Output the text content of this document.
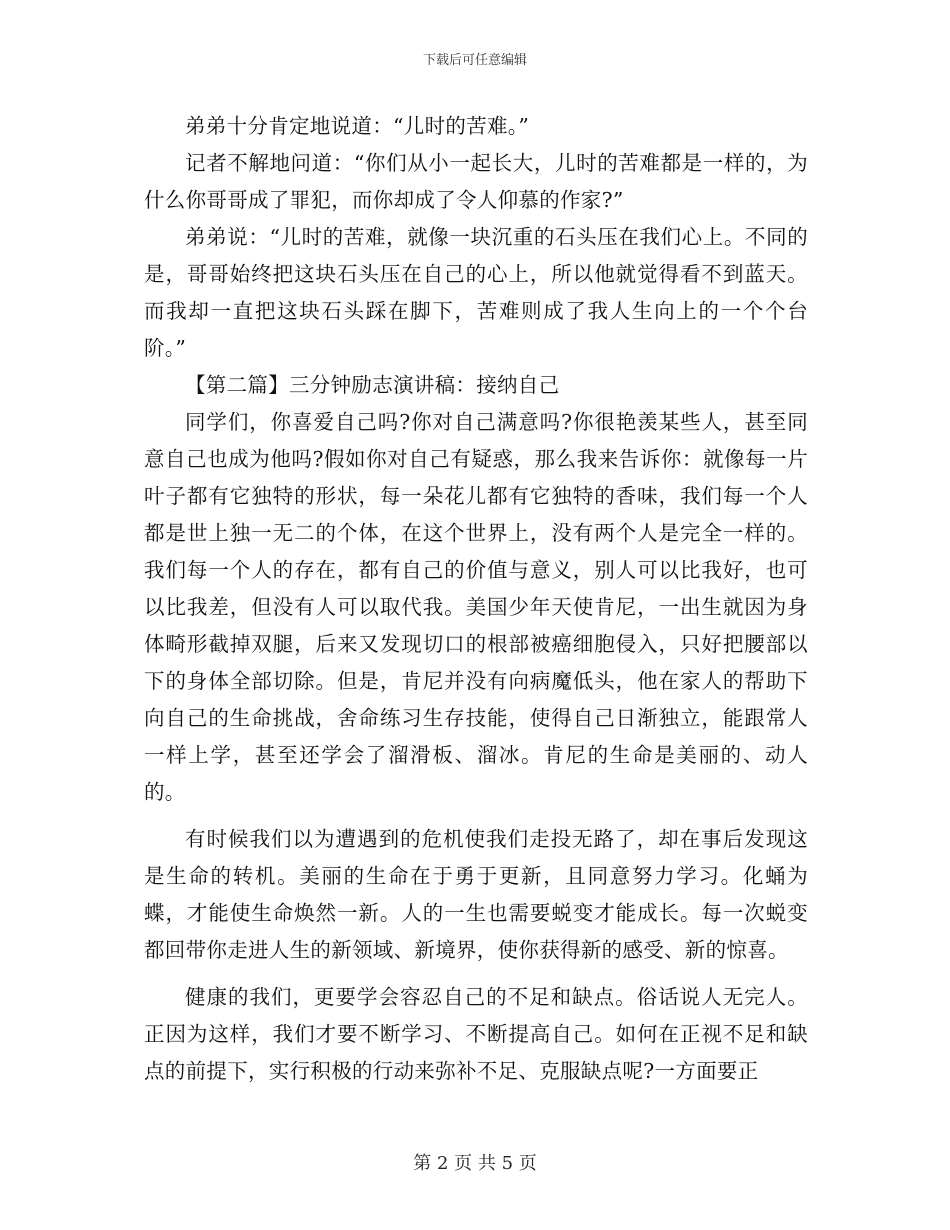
下载后可任意编辑

弟弟十分肯定地说道：“儿时的苦难。”

记者不解地问道：“你们从小一起长大，儿时的苦难都是一样的，为什么你哥哥成了罪犯，而你却成了令人仰慕的作家?”

弟弟说：“儿时的苦难，就像一块沉重的石头压在我们心上。不同的是，哥哥始终把这块石头压在自己的心上，所以他就觉得看不到蓝天。而我却一直把这块石头踩在脚下，苦难则成了我人生向上的一个个台阶。”

【第二篇】三分钟励志演讲稿：接纳自己

同学们，你喜爱自己吗?你对自己满意吗?你很艳羡某些人，甚至同意自己也成为他吗?假如你对自己有疑惑，那么我来告诉你：就像每一片叶子都有它独特的形状，每一朵花儿都有它独特的香味，我们每一个人都是世上独一无二的个体，在这个世界上，没有两个人是完全一样的。我们每一个人的存在，都有自己的价值与意义，别人可以比我好，也可以比我差，但没有人可以取代我。美国少年天使肯尼，一出生就因为身体畸形截掉双腿，后来又发现切口的根部被癌细胞侵入，只好把腰部以下的身体全部切除。但是，肯尼并没有向病魔低头，他在家人的帮助下向自己的生命挑战，舍命练习生存技能，使得自己日渐独立，能跟常人一样上学，甚至还学会了溜滑板、溜冰。肯尼的生命是美丽的、动人的。

有时候我们以为遭遇到的危机使我们走投无路了，却在事后发现这是生命的转机。美丽的生命在于勇于更新，且同意努力学习。化蛹为蝶，才能使生命焕然一新。人的一生也需要蜕变才能成长。每一次蜕变都回带你走进人生的新领域、新境界，使你获得新的感受、新的惊喜。

健康的我们，更要学会容忍自己的不足和缺点。俗话说人无完人。正因为这样，我们才要不断学习、不断提高自己。如何在正视不足和缺点的前提下，实行积极的行动来弥补不足、克服缺点呢?一方面要正

第 2 页 共 5 页
